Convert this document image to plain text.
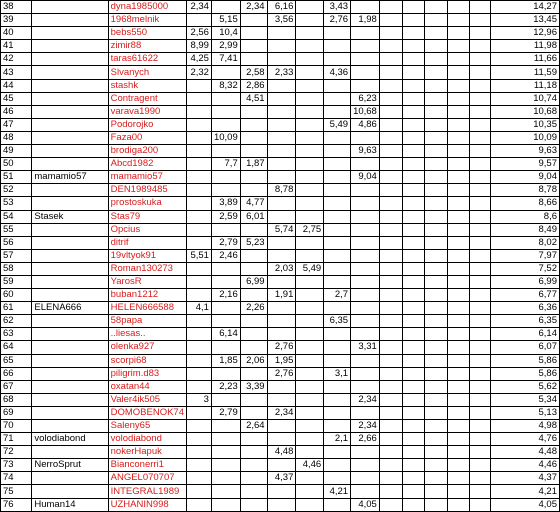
38		dyna1985000	2,34		2,34	6,16		3,43							14,27
39		1968melnik		5,15		3,56		2,76	1,98						13,45
40		bebs550	2,56	10,4											12,96
41		zimir88	8,99	2,99											11,98
42		taras61622	4,25	7,41											11,66
43		Slvanych	2,32		2,58	2,33		4,36							11,59
44		stashk		8,32	2,86										11,18
45		Contragent			4,51				6,23						10,74
46		varava1990							10,68						10,68
47		Podorojko						5,49	4,86						10,35
48		Faza00		10,09											10,09
49		brodiga200							9,63						9,63
50		Abcd1982		7,7	1,87										9,57
51	mamamio57	mamamio57							9,04						9,04
52		DEN1989485				8,78									8,78
53		prostoskuka		3,89	4,77										8,66
54	Stasek	Stas79		2,59	6,01										8,6
55		Opcius				5,74	2,75								8,49
56		ditrif		2,79	5,23										8,02
57		19vltyok91	5,51	2,46											7,97
58		Roman130273				2,03	5,49								7,52
59		YarosR			6,99										6,99
60		buban1212		2,16		1,91		2,7							6,77
61	ELENA666	HELEN666588	4,1		2,26										6,36
62		58papa						6,35							6,35
63		..liesas..		6,14											6,14
64		olenka927				2,76			3,31						6,07
65		scorpi68		1,85	2,06	1,95									5,86
66		piligrim.d83				2,76		3,1							5,86
67		oxatan44		2,23	3,39										5,62
68		Valer4ik505	3						2,34						5,34
69		DOMOBENOK74		2,79		2,34									5,13
70		Saleny65			2,64				2,34						4,98
71	volodiabond	volodiabond						2,1	2,66						4,76
72		nokerHapuk				4,48									4,48
73	NerroSprut	Bianconerri1					4,46								4,46
74		ANGEL070707				4,37									4,37
75		INTEGRAL1989						4,21							4,21
76	Human14	UZHANIN998							4,05						4,05
